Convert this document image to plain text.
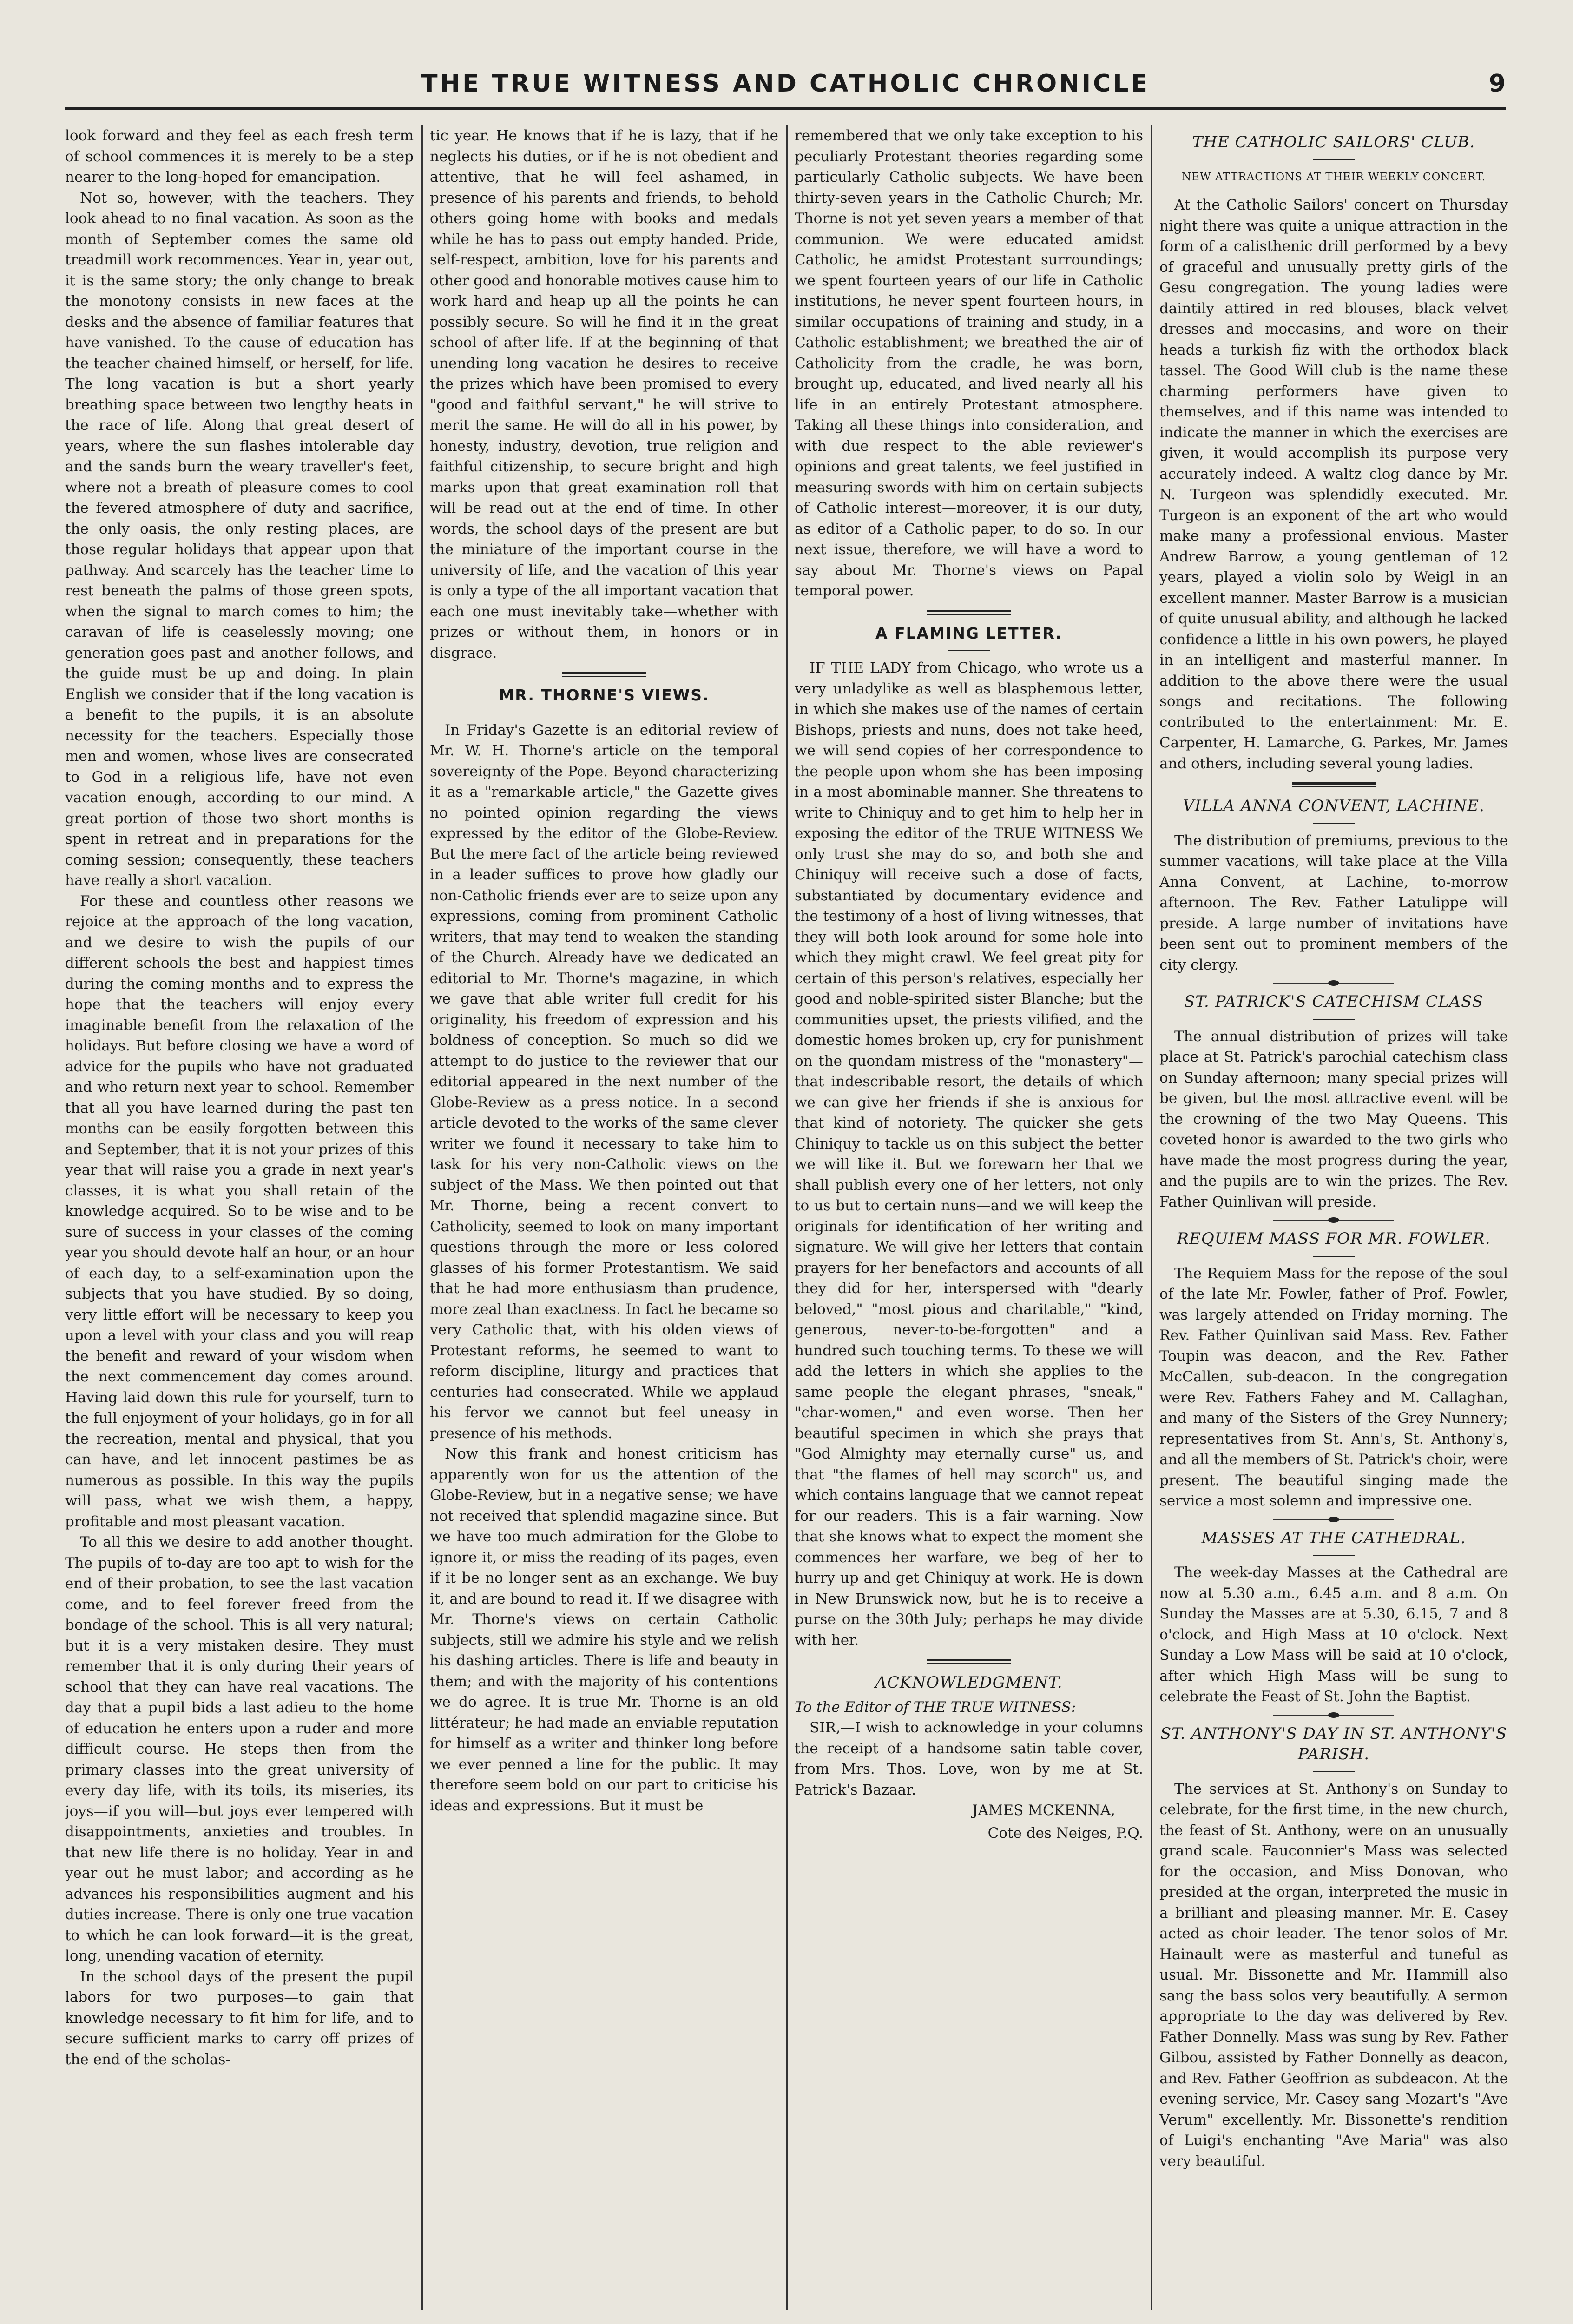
THE TRUE WITNESS AND CATHOLIC CHRONICLE	9

look forward and they feel as each fresh term of school commences it is merely to be a step nearer to the long-hoped for emancipation.

Not so, however, with the teachers. They look ahead to no final vacation. As soon as the month of September comes the same old treadmill work recommences. Year in, year out, it is the same story; the only change to break the monotony consists in new faces at the desks and the absence of familiar features that have vanished. To the cause of education has the teacher chained himself, or herself, for life. The long vacation is but a short yearly breathing space between two lengthy heats in the race of life. Along that great desert of years, where the sun flashes intolerable day and the sands burn the weary traveller's feet, where not a breath of pleasure comes to cool the fevered atmosphere of duty and sacrifice, the only oasis, the only resting places, are those regular holidays that appear upon that pathway. And scarcely has the teacher time to rest beneath the palms of those green spots, when the signal to march comes to him; the caravan of life is ceaselessly moving; one generation goes past and another follows, and the guide must be up and doing. In plain English we consider that if the long vacation is a benefit to the pupils, it is an absolute necessity for the teachers. Especially those men and women, whose lives are consecrated to God in a religious life, have not even vacation enough, according to our mind. A great portion of those two short months is spent in retreat and in preparations for the coming session; consequently, these teachers have really a short vacation.

For these and countless other reasons we rejoice at the approach of the long vacation, and we desire to wish the pupils of our different schools the best and happiest times during the coming months and to express the hope that the teachers will enjoy every imaginable benefit from the relaxation of the holidays. But before closing we have a word of advice for the pupils who have not graduated and who return next year to school. Remember that all you have learned during the past ten months can be easily forgotten between this and September, that it is not your prizes of this year that will raise you a grade in next year's classes, it is what you shall retain of the knowledge acquired. So to be wise and to be sure of success in your classes of the coming year you should devote half an hour, or an hour of each day, to a self-examination upon the subjects that you have studied. By so doing, very little effort will be necessary to keep you upon a level with your class and you will reap the benefit and reward of your wisdom when the next commencement day comes around. Having laid down this rule for yourself, turn to the full enjoyment of your holidays, go in for all the recreation, mental and physical, that you can have, and let innocent pastimes be as numerous as possible. In this way the pupils will pass, what we wish them, a happy, profitable and most pleasant vacation.

To all this we desire to add another thought. The pupils of to-day are too apt to wish for the end of their probation, to see the last vacation come, and to feel forever freed from the bondage of the school. This is all very natural; but it is a very mistaken desire. They must remember that it is only during their years of school that they can have real vacations. The day that a pupil bids a last adieu to the home of education he enters upon a ruder and more difficult course. He steps then from the primary classes into the great university of every day life, with its toils, its miseries, its joys—if you will—but joys ever tempered with disappointments, anxieties and troubles. In that new life there is no holiday. Year in and year out he must labor; and according as he advances his responsibilities augment and his duties increase. There is only one true vacation to which he can look forward—it is the great, long, unending vacation of eternity.

In the school days of the present the pupil labors for two purposes—to gain that knowledge necessary to fit him for life, and to secure sufficient marks to carry off prizes of the end of the scholas-

tic year. He knows that if he is lazy, that if he neglects his duties, or if he is not obedient and attentive, that he will feel ashamed, in presence of his parents and friends, to behold others going home with books and medals while he has to pass out empty handed. Pride, self-respect, ambition, love for his parents and other good and honorable motives cause him to work hard and heap up all the points he can possibly secure. So will he find it in the great school of after life. If at the beginning of that unending long vacation he desires to receive the prizes which have been promised to every "good and faithful servant," he will strive to merit the same. He will do all in his power, by honesty, industry, devotion, true religion and faithful citizenship, to secure bright and high marks upon that great examination roll that will be read out at the end of time. In other words, the school days of the present are but the miniature of the important course in the university of life, and the vacation of this year is only a type of the all important vacation that each one must inevitably take—whether with prizes or without them, in honors or in disgrace.

MR. THORNE'S VIEWS.

In Friday's Gazette is an editorial review of Mr. W. H. Thorne's article on the temporal sovereignty of the Pope. Beyond characterizing it as a "remarkable article," the Gazette gives no pointed opinion regarding the views expressed by the editor of the Globe-Review. But the mere fact of the article being reviewed in a leader suffices to prove how gladly our non-Catholic friends ever are to seize upon any expressions, coming from prominent Catholic writers, that may tend to weaken the standing of the Church. Already have we dedicated an editorial to Mr. Thorne's magazine, in which we gave that able writer full credit for his originality, his freedom of expression and his boldness of conception. So much so did we attempt to do justice to the reviewer that our editorial appeared in the next number of the Globe-Review as a press notice. In a second article devoted to the works of the same clever writer we found it necessary to take him to task for his very non-Catholic views on the subject of the Mass. We then pointed out that Mr. Thorne, being a recent convert to Catholicity, seemed to look on many important questions through the more or less colored glasses of his former Protestantism. We said that he had more enthusiasm than prudence, more zeal than exactness. In fact he became so very Catholic that, with his olden views of Protestant reforms, he seemed to want to reform discipline, liturgy and practices that centuries had consecrated. While we applaud his fervor we cannot but feel uneasy in presence of his methods.

Now this frank and honest criticism has apparently won for us the attention of the Globe-Review, but in a negative sense; we have not received that splendid magazine since. But we have too much admiration for the Globe to ignore it, or miss the reading of its pages, even if it be no longer sent as an exchange. We buy it, and are bound to read it. If we disagree with Mr. Thorne's views on certain Catholic subjects, still we admire his style and we relish his dashing articles. There is life and beauty in them; and with the majority of his contentions we do agree. It is true Mr. Thorne is an old littérateur; he had made an enviable reputation for himself as a writer and thinker long before we ever penned a line for the public. It may therefore seem bold on our part to criticise his ideas and expressions. But it must be

remembered that we only take exception to his peculiarly Protestant theories regarding some particularly Catholic subjects. We have been thirty-seven years in the Catholic Church; Mr. Thorne is not yet seven years a member of that communion. We were educated amidst Catholic, he amidst Protestant surroundings; we spent fourteen years of our life in Catholic institutions, he never spent fourteen hours, in similar occupations of training and study, in a Catholic establishment; we breathed the air of Catholicity from the cradle, he was born, brought up, educated, and lived nearly all his life in an entirely Protestant atmosphere. Taking all these things into consideration, and with due respect to the able reviewer's opinions and great talents, we feel justified in measuring swords with him on certain subjects of Catholic interest—moreover, it is our duty, as editor of a Catholic paper, to do so. In our next issue, therefore, we will have a word to say about Mr. Thorne's views on Papal temporal power.

A FLAMING LETTER.

IF THE LADY from Chicago, who wrote us a very unladylike as well as blasphemous letter, in which she makes use of the names of certain Bishops, priests and nuns, does not take heed, we will send copies of her correspondence to the people upon whom she has been imposing in a most abominable manner. She threatens to write to Chiniquy and to get him to help her in exposing the editor of the TRUE WITNESS We only trust she may do so, and both she and Chiniquy will receive such a dose of facts, substantiated by documentary evidence and the testimony of a host of living witnesses, that they will both look around for some hole into which they might crawl. We feel great pity for certain of this person's relatives, especially her good and noble-spirited sister Blanche; but the communities upset, the priests vilified, and the domestic homes broken up, cry for punishment on the quondam mistress of the "monastery"—that indescribable resort, the details of which we can give her friends if she is anxious for that kind of notoriety. The quicker she gets Chiniquy to tackle us on this subject the better we will like it. But we forewarn her that we shall publish every one of her letters, not only to us but to certain nuns—and we will keep the originals for identification of her writing and signature. We will give her letters that contain prayers for her benefactors and accounts of all they did for her, interspersed with "dearly beloved," "most pious and charitable," "kind, generous, never-to-be-forgotten" and a hundred such touching terms. To these we will add the letters in which she applies to the same people the elegant phrases, "sneak," "char-women," and even worse. Then her beautiful specimen in which she prays that "God Almighty may eternally curse" us, and that "the flames of hell may scorch" us, and which contains language that we cannot repeat for our readers. This is a fair warning. Now that she knows what to expect the moment she commences her warfare, we beg of her to hurry up and get Chiniquy at work. He is down in New Brunswick now, but he is to receive a purse on the 30th July; perhaps he may divide with her.

ACKNOWLEDGMENT.

To the Editor of THE TRUE WITNESS:

SIR,—I wish to acknowledge in your columns the receipt of a handsome satin table cover, from Mrs. Thos. Love, won by me at St. Patrick's Bazaar.

JAMES MCKENNA,
Cote des Neiges, P.Q.
THE CATHOLIC SAILORS' CLUB.
NEW ATTRACTIONS AT THEIR WEEKLY CONCERT.

At the Catholic Sailors' concert on Thursday night there was quite a unique attraction in the form of a calisthenic drill performed by a bevy of graceful and unusually pretty girls of the Gesu congregation. The young ladies were daintily attired in red blouses, black velvet dresses and moccasins, and wore on their heads a turkish fiz with the orthodox black tassel. The Good Will club is the name these charming performers have given to themselves, and if this name was intended to indicate the manner in which the exercises are given, it would accomplish its purpose very accurately indeed. A waltz clog dance by Mr. N. Turgeon was splendidly executed. Mr. Turgeon is an exponent of the art who would make many a professional envious. Master Andrew Barrow, a young gentleman of 12 years, played a violin solo by Weigl in an excellent manner. Master Barrow is a musician of quite unusual ability, and although he lacked confidence a little in his own powers, he played in an intelligent and masterful manner. In addition to the above there were the usual songs and recitations. The following contributed to the entertainment: Mr. E. Carpenter, H. Lamarche, G. Parkes, Mr. James and others, including several young ladies.

VILLA ANNA CONVENT, LACHINE.

The distribution of premiums, previous to the summer vacations, will take place at the Villa Anna Convent, at Lachine, to-morrow afternoon. The Rev. Father Latulippe will preside. A large number of invitations have been sent out to prominent members of the city clergy.

ST. PATRICK'S CATECHISM CLASS

The annual distribution of prizes will take place at St. Patrick's parochial catechism class on Sunday afternoon; many special prizes will be given, but the most attractive event will be the crowning of the two May Queens. This coveted honor is awarded to the two girls who have made the most progress during the year, and the pupils are to win the prizes. The Rev. Father Quinlivan will preside.

REQUIEM MASS FOR MR. FOWLER.

The Requiem Mass for the repose of the soul of the late Mr. Fowler, father of Prof. Fowler, was largely attended on Friday morning. The Rev. Father Quinlivan said Mass. Rev. Father Toupin was deacon, and the Rev. Father McCallen, sub-deacon. In the congregation were Rev. Fathers Fahey and M. Callaghan, and many of the Sisters of the Grey Nunnery; representatives from St. Ann's, St. Anthony's, and all the members of St. Patrick's choir, were present. The beautiful singing made the service a most solemn and impressive one.

MASSES AT THE CATHEDRAL.

The week-day Masses at the Cathedral are now at 5.30 a.m., 6.45 a.m. and 8 a.m. On Sunday the Masses are at 5.30, 6.15, 7 and 8 o'clock, and High Mass at 10 o'clock. Next Sunday a Low Mass will be said at 10 o'clock, after which High Mass will be sung to celebrate the Feast of St. John the Baptist.

ST. ANTHONY'S DAY IN ST. ANTHONY'S PARISH.

The services at St. Anthony's on Sunday to celebrate, for the first time, in the new church, the feast of St. Anthony, were on an unusually grand scale. Fauconnier's Mass was selected for the occasion, and Miss Donovan, who presided at the organ, interpreted the music in a brilliant and pleasing manner. Mr. E. Casey acted as choir leader. The tenor solos of Mr. Hainault were as masterful and tuneful as usual. Mr. Bissonette and Mr. Hammill also sang the bass solos very beautifully. A sermon appropriate to the day was delivered by Rev. Father Donnelly. Mass was sung by Rev. Father Gilbou, assisted by Father Donnelly as deacon, and Rev. Father Geoffrion as subdeacon. At the evening service, Mr. Casey sang Mozart's "Ave Verum" excellently. Mr. Bissonette's rendition of Luigi's enchanting "Ave Maria" was also very beautiful.
